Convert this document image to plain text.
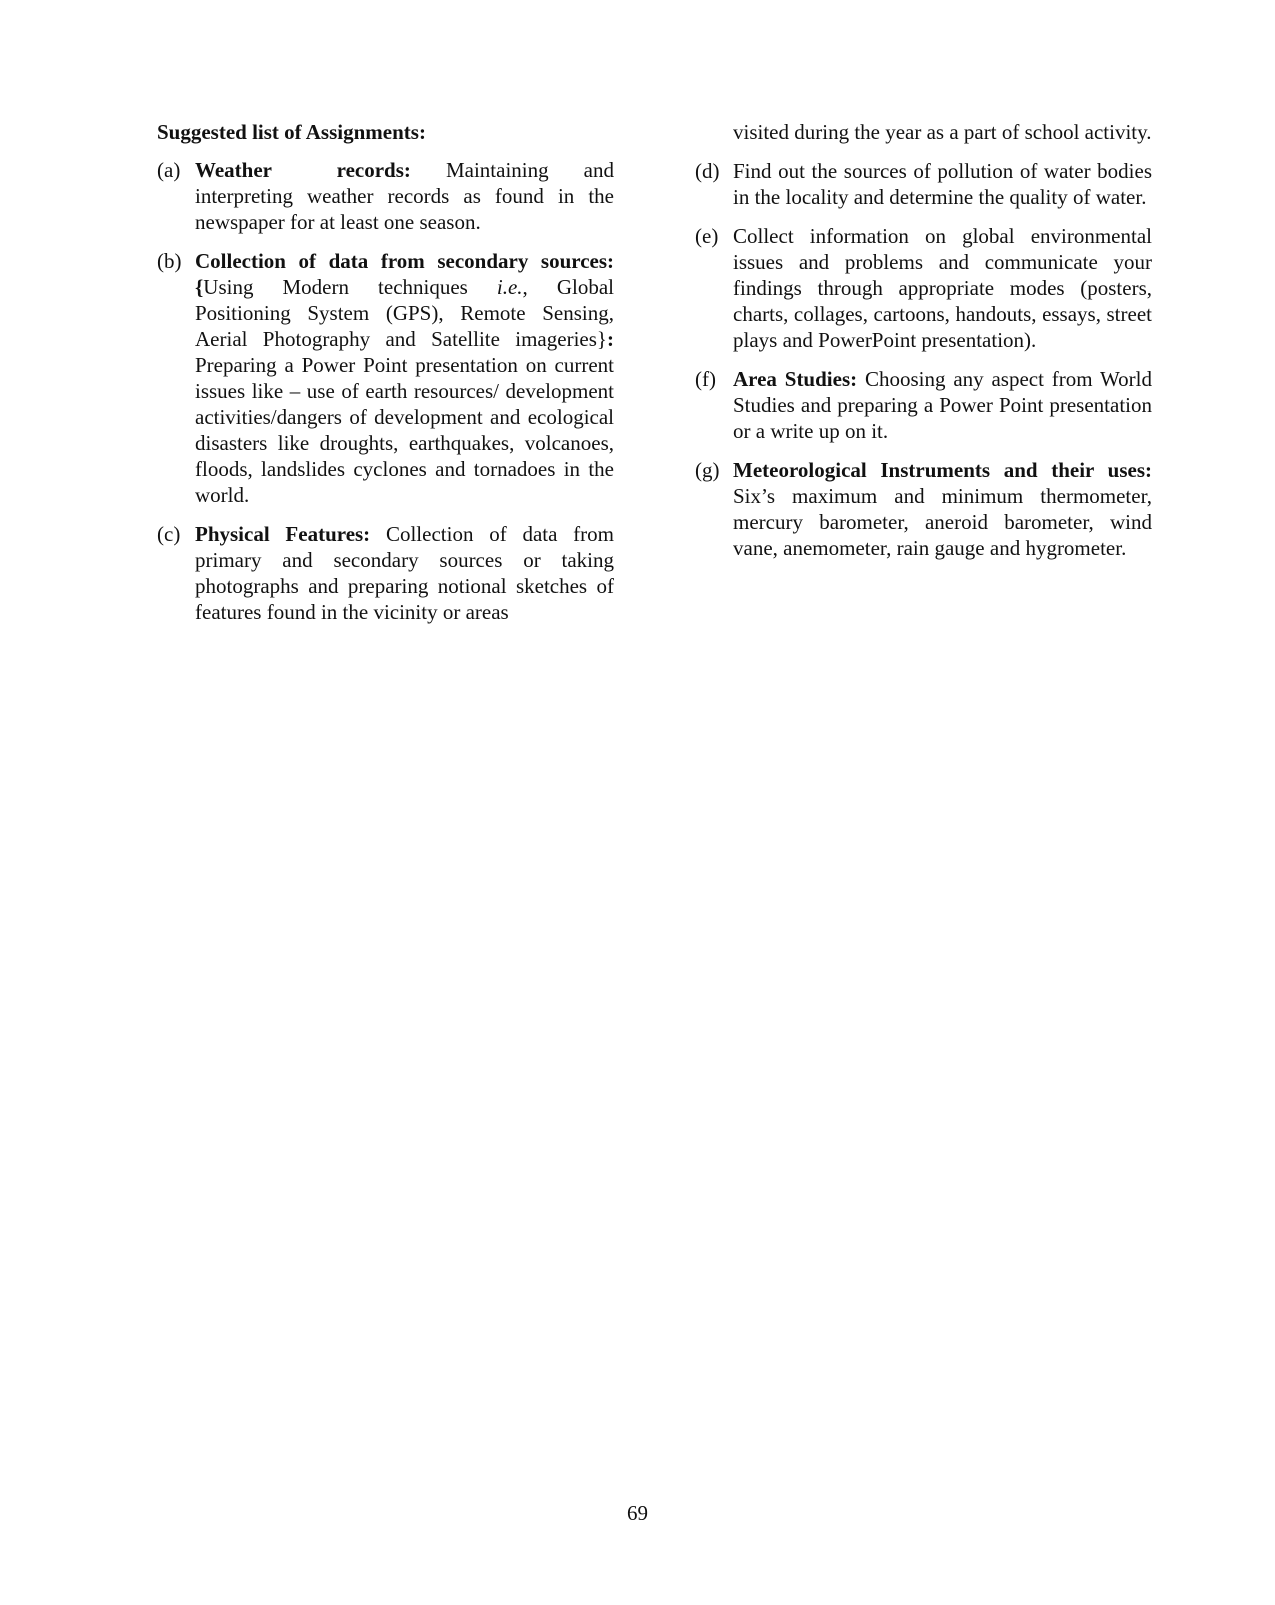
Suggested list of Assignments:

(a) Weather records: Maintaining and interpreting weather records as found in the newspaper for at least one season.
(b) Collection of data from secondary sources: {Using Modern techniques i.e., Global Positioning System (GPS), Remote Sensing, Aerial Photography and Satellite imageries}: Preparing a Power Point presentation on current issues like – use of earth resources/ development activities/dangers of development and ecological disasters like droughts, earthquakes, volcanoes, floods, landslides cyclones and tornadoes in the world.
(c) Physical Features: Collection of data from primary and secondary sources or taking photographs and preparing notional sketches of features found in the vicinity or areas
visited during the year as a part of school activity.
(d) Find out the sources of pollution of water bodies in the locality and determine the quality of water.
(e) Collect information on global environmental issues and problems and communicate your findings through appropriate modes (posters, charts, collages, cartoons, handouts, essays, street plays and PowerPoint presentation).
(f) Area Studies: Choosing any aspect from World Studies and preparing a Power Point presentation or a write up on it.
(g) Meteorological Instruments and their uses: Six’s maximum and minimum thermometer, mercury barometer, aneroid barometer, wind vane, anemometer, rain gauge and hygrometer.
69
